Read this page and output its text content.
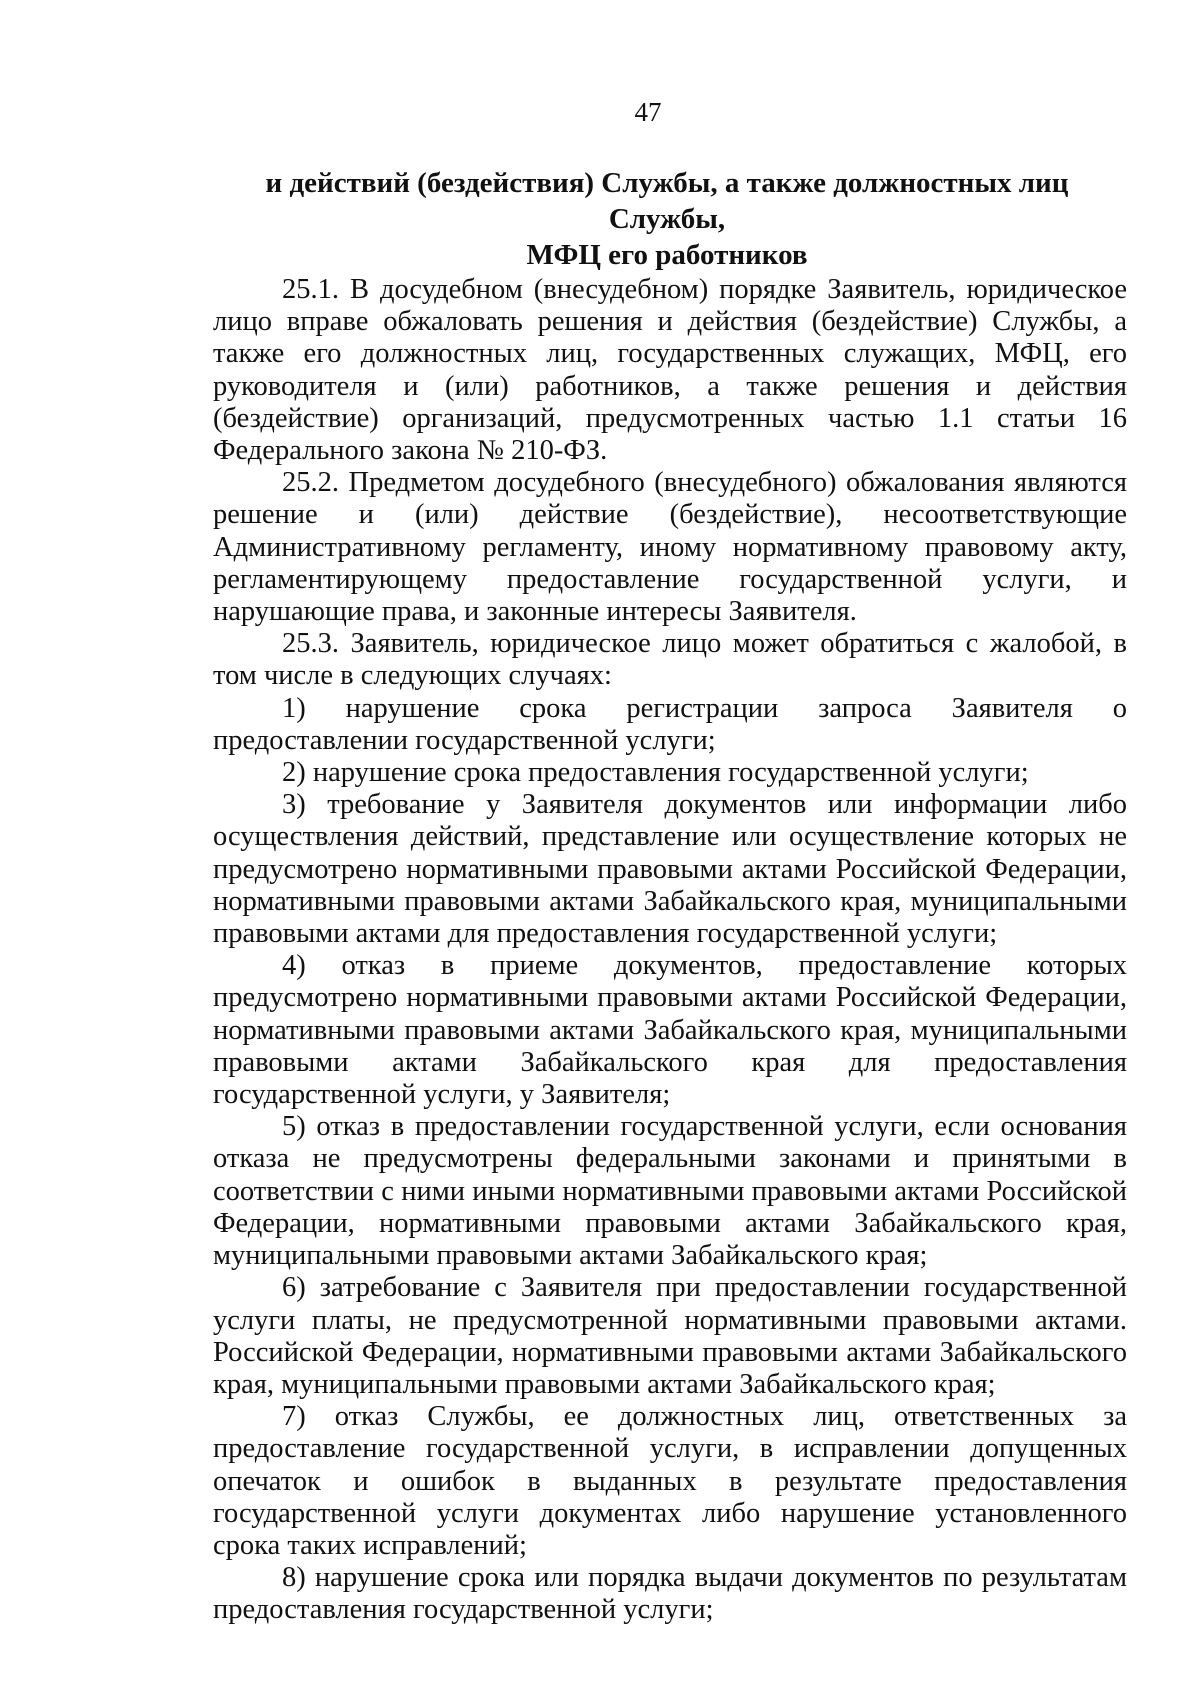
47
и действий (бездействия) Службы, а также должностных лиц Службы,
МФЦ его работников

25.1. В досудебном (внесудебном) порядке Заявитель, юридическое лицо вправе обжаловать решения и действия (бездействие) Службы, а также его должностных лиц, государственных служащих, МФЦ, его руководителя и (или) работников, а также решения и действия (бездействие) организаций, предусмотренных частью 1.1 статьи 16 Федерального закона № 210-ФЗ.

25.2. Предметом досудебного (внесудебного) обжалования являются решение и (или) действие (бездействие), несоответствующие Административному регламенту, иному нормативному правовому акту, регламентирующему предоставление государственной услуги, и нарушающие права, и законные интересы Заявителя.

25.3. Заявитель, юридическое лицо может обратиться с жалобой, в том числе в следующих случаях:

1) нарушение срока регистрации запроса Заявителя о предоставлении государственной услуги;

2) нарушение срока предоставления государственной услуги;

3) требование у Заявителя документов или информации либо осуществления действий, представление или осуществление которых не предусмотрено нормативными правовыми актами Российской Федерации, нормативными правовыми актами Забайкальского края, муниципальными правовыми актами для предоставления государственной услуги;

4) отказ в приеме документов, предоставление которых предусмотрено нормативными правовыми актами Российской Федерации, нормативными правовыми актами Забайкальского края, муниципальными правовыми актами Забайкальского края для предоставления государственной услуги, у Заявителя;

5) отказ в предоставлении государственной услуги, если основания отказа не предусмотрены федеральными законами и принятыми в соответствии с ними иными нормативными правовыми актами Российской Федерации, нормативными правовыми актами Забайкальского края, муниципальными правовыми актами Забайкальского края;

6) затребование с Заявителя при предоставлении государственной услуги платы, не предусмотренной нормативными правовыми актами. Российской Федерации, нормативными правовыми актами Забайкальского края, муниципальными правовыми актами Забайкальского края;

7) отказ Службы, ее должностных лиц, ответственных за предоставление государственной услуги, в исправлении допущенных опечаток и ошибок в выданных в результате предоставления государственной услуги документах либо нарушение установленного срока таких исправлений;

8) нарушение срока или порядка выдачи документов по результатам предоставления государственной услуги;
